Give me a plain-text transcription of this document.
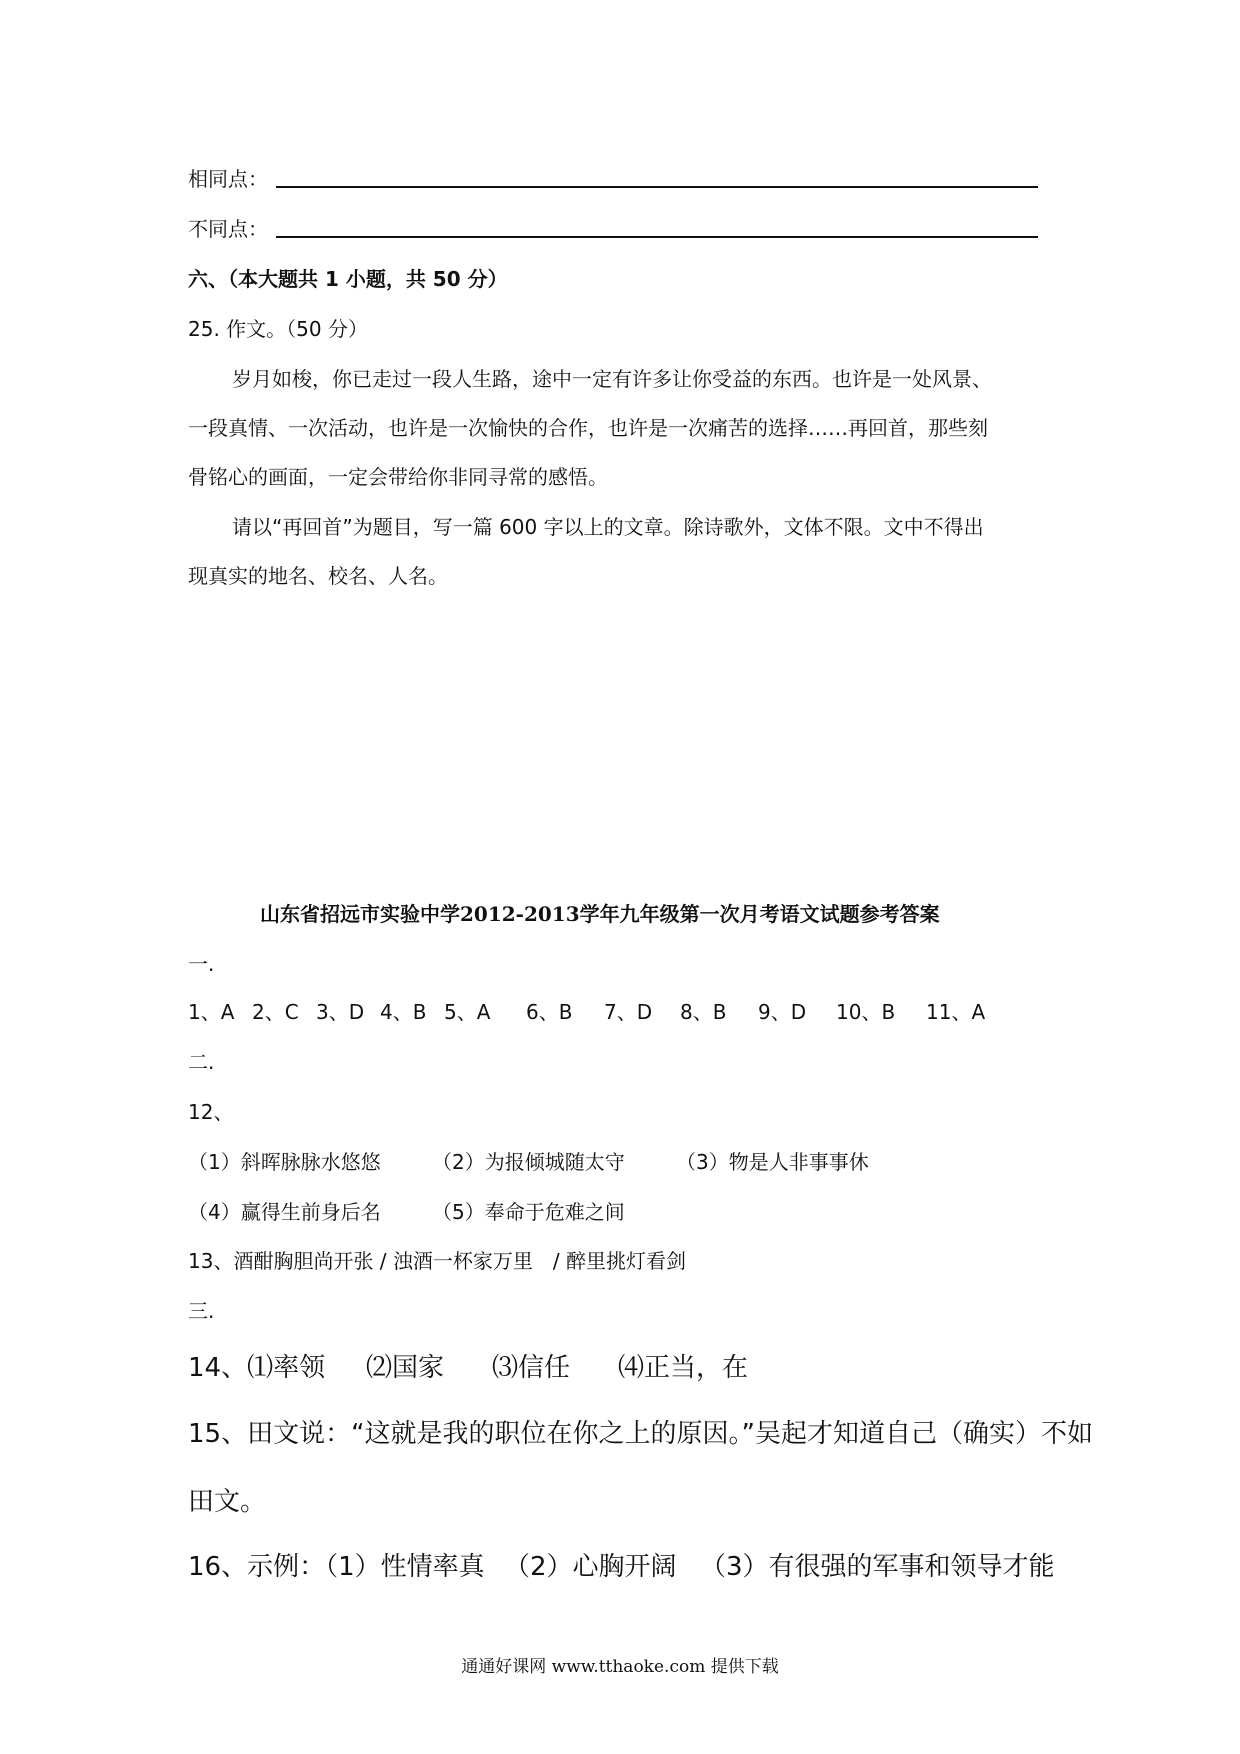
相同点：
不同点：
六、（本大题共 1 小题，共 50 分）
25. 作文。（50 分）
岁月如梭，你已走过一段人生路，途中一定有许多让你受益的东西。也许是一处风景、
一段真情、一次活动，也许是一次愉快的合作，也许是一次痛苦的选择……再回首，那些刻
骨铭心的画面，一定会带给你非同寻常的感悟。
请以“再回首”为题目，写一篇 600 字以上的文章。除诗歌外，文体不限。文中不得出
现真实的地名、校名、人名。
山东省招远市实验中学2012-2013学年九年级第一次月考语文试题参考答案
一.
1、A 2、C 3、D 4、B 5、A 6、B 7、D 8、B 9、D 10、B 11、A
二.
12、
（1）斜晖脉脉水悠悠	（2）为报倾城随太守	（3）物是人非事事休
（4）赢得生前身后名	（5）奉命于危难之间
13、酒酣胸胆尚开张 / 浊酒一杯家万里　/ 醉里挑灯看剑
三.
14、⑴率领 ⑵国家 ⑶信任 ⑷正当，在
15、田文说：“这就是我的职位在你之上的原因。”吴起才知道自己（确实）不如
田文。
16、示例：（1）性情率真 （2）心胸开阔 （3）有很强的军事和领导才能
通通好课网 www.tthaoke.com 提供下载
